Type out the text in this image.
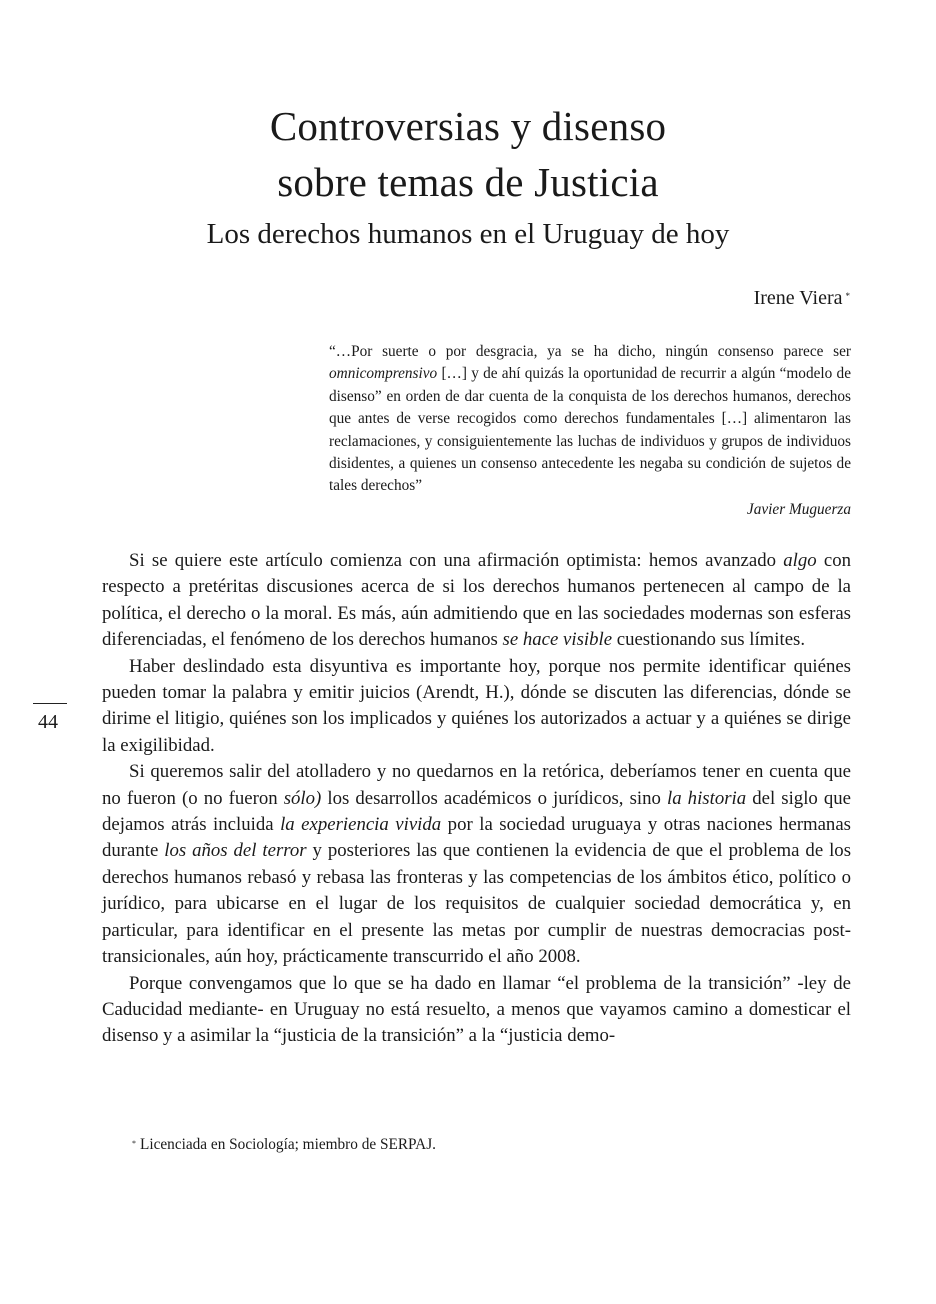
Controversias y disenso
sobre temas de Justicia
Los derechos humanos en el Uruguay de hoy
Irene Viera *
“…Por suerte o por desgracia, ya se ha dicho, ningún consenso parece ser omnicomprensivo […] y de ahí quizás la oportunidad de recurrir a algún “modelo de disenso” en orden de dar cuenta de la conquista de los derechos humanos, derechos que antes de verse recogidos como derechos fundamentales […] alimentaron las reclamaciones, y consiguientemente las luchas de individuos y grupos de individuos disidentes, a quienes un consenso antecedente les negaba su condición de sujetos de tales derechos”
Javier Muguerza

Si se quiere este artículo comienza con una afirmación optimista: hemos avanzado algo con respecto a pretéritas discusiones acerca de si los derechos humanos pertenecen al campo de la política, el derecho o la moral. Es más, aún admitiendo que en las sociedades modernas son esferas diferenciadas, el fenómeno de los derechos humanos se hace visible cuestionando sus límites.

Haber deslindado esta disyuntiva es importante hoy, porque nos permite identificar quiénes pueden tomar la palabra y emitir juicios (Arendt, H.), dónde se discuten las diferencias, dónde se dirime el litigio, quiénes son los implicados y quiénes los autorizados a actuar y a quiénes se dirige la exigilibidad.

Si queremos salir del atolladero y no quedarnos en la retórica, deberíamos tener en cuenta que no fueron (o no fueron sólo) los desarrollos académicos o jurídicos, sino la historia del siglo que dejamos atrás incluida la experiencia vivida por la sociedad uruguaya y otras naciones hermanas durante los años del terror y posteriores las que contienen la evidencia de que el problema de los derechos humanos rebasó y rebasa las fronteras y las competencias de los ámbitos ético, político o jurídico, para ubicarse en el lugar de los requisitos de cualquier sociedad democrática y, en particular, para identificar en el presente las metas por cumplir de nuestras democracias post-transicionales, aún hoy, prácticamente transcurrido el año 2008.

Porque convengamos que lo que se ha dado en llamar “el problema de la transición” -ley de Caducidad mediante- en Uruguay no está resuelto, a menos que vayamos camino a domesticar el disenso y a asimilar la “justicia de la transición” a la “justicia demo-

44
* Licenciada en Sociología; miembro de SERPAJ.
